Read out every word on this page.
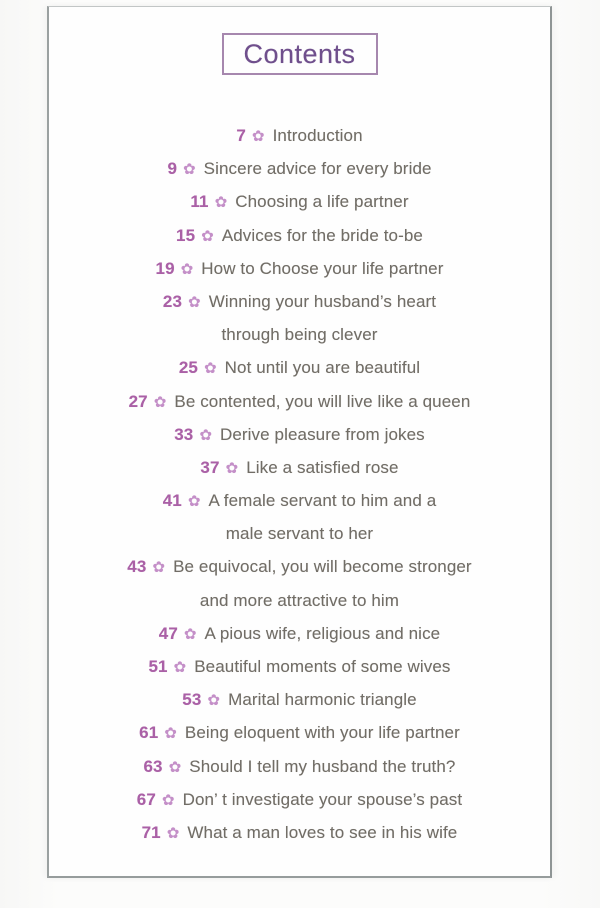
Contents
7 ✿ Introduction
9 ✿ Sincere advice for every bride
11 ✿ Choosing a life partner
15 ✿ Advices for the bride to-be
19 ✿ How to Choose your life partner
23 ✿ Winning your husband’s heart
through being clever
25 ✿ Not until you are beautiful
27 ✿ Be contented, you will live like a queen
33 ✿ Derive pleasure from jokes
37 ✿ Like a satisfied rose
41 ✿ A female servant to him and a
male servant to her
43 ✿ Be equivocal, you will become stronger
and more attractive to him
47 ✿ A pious wife, religious and nice
51 ✿ Beautiful moments of some wives
53 ✿ Marital harmonic triangle
61 ✿ Being eloquent with your life partner
63 ✿ Should I tell my husband the truth?
67 ✿ Don’ t investigate your spouse’s past
71 ✿ What a man loves to see in his wife
